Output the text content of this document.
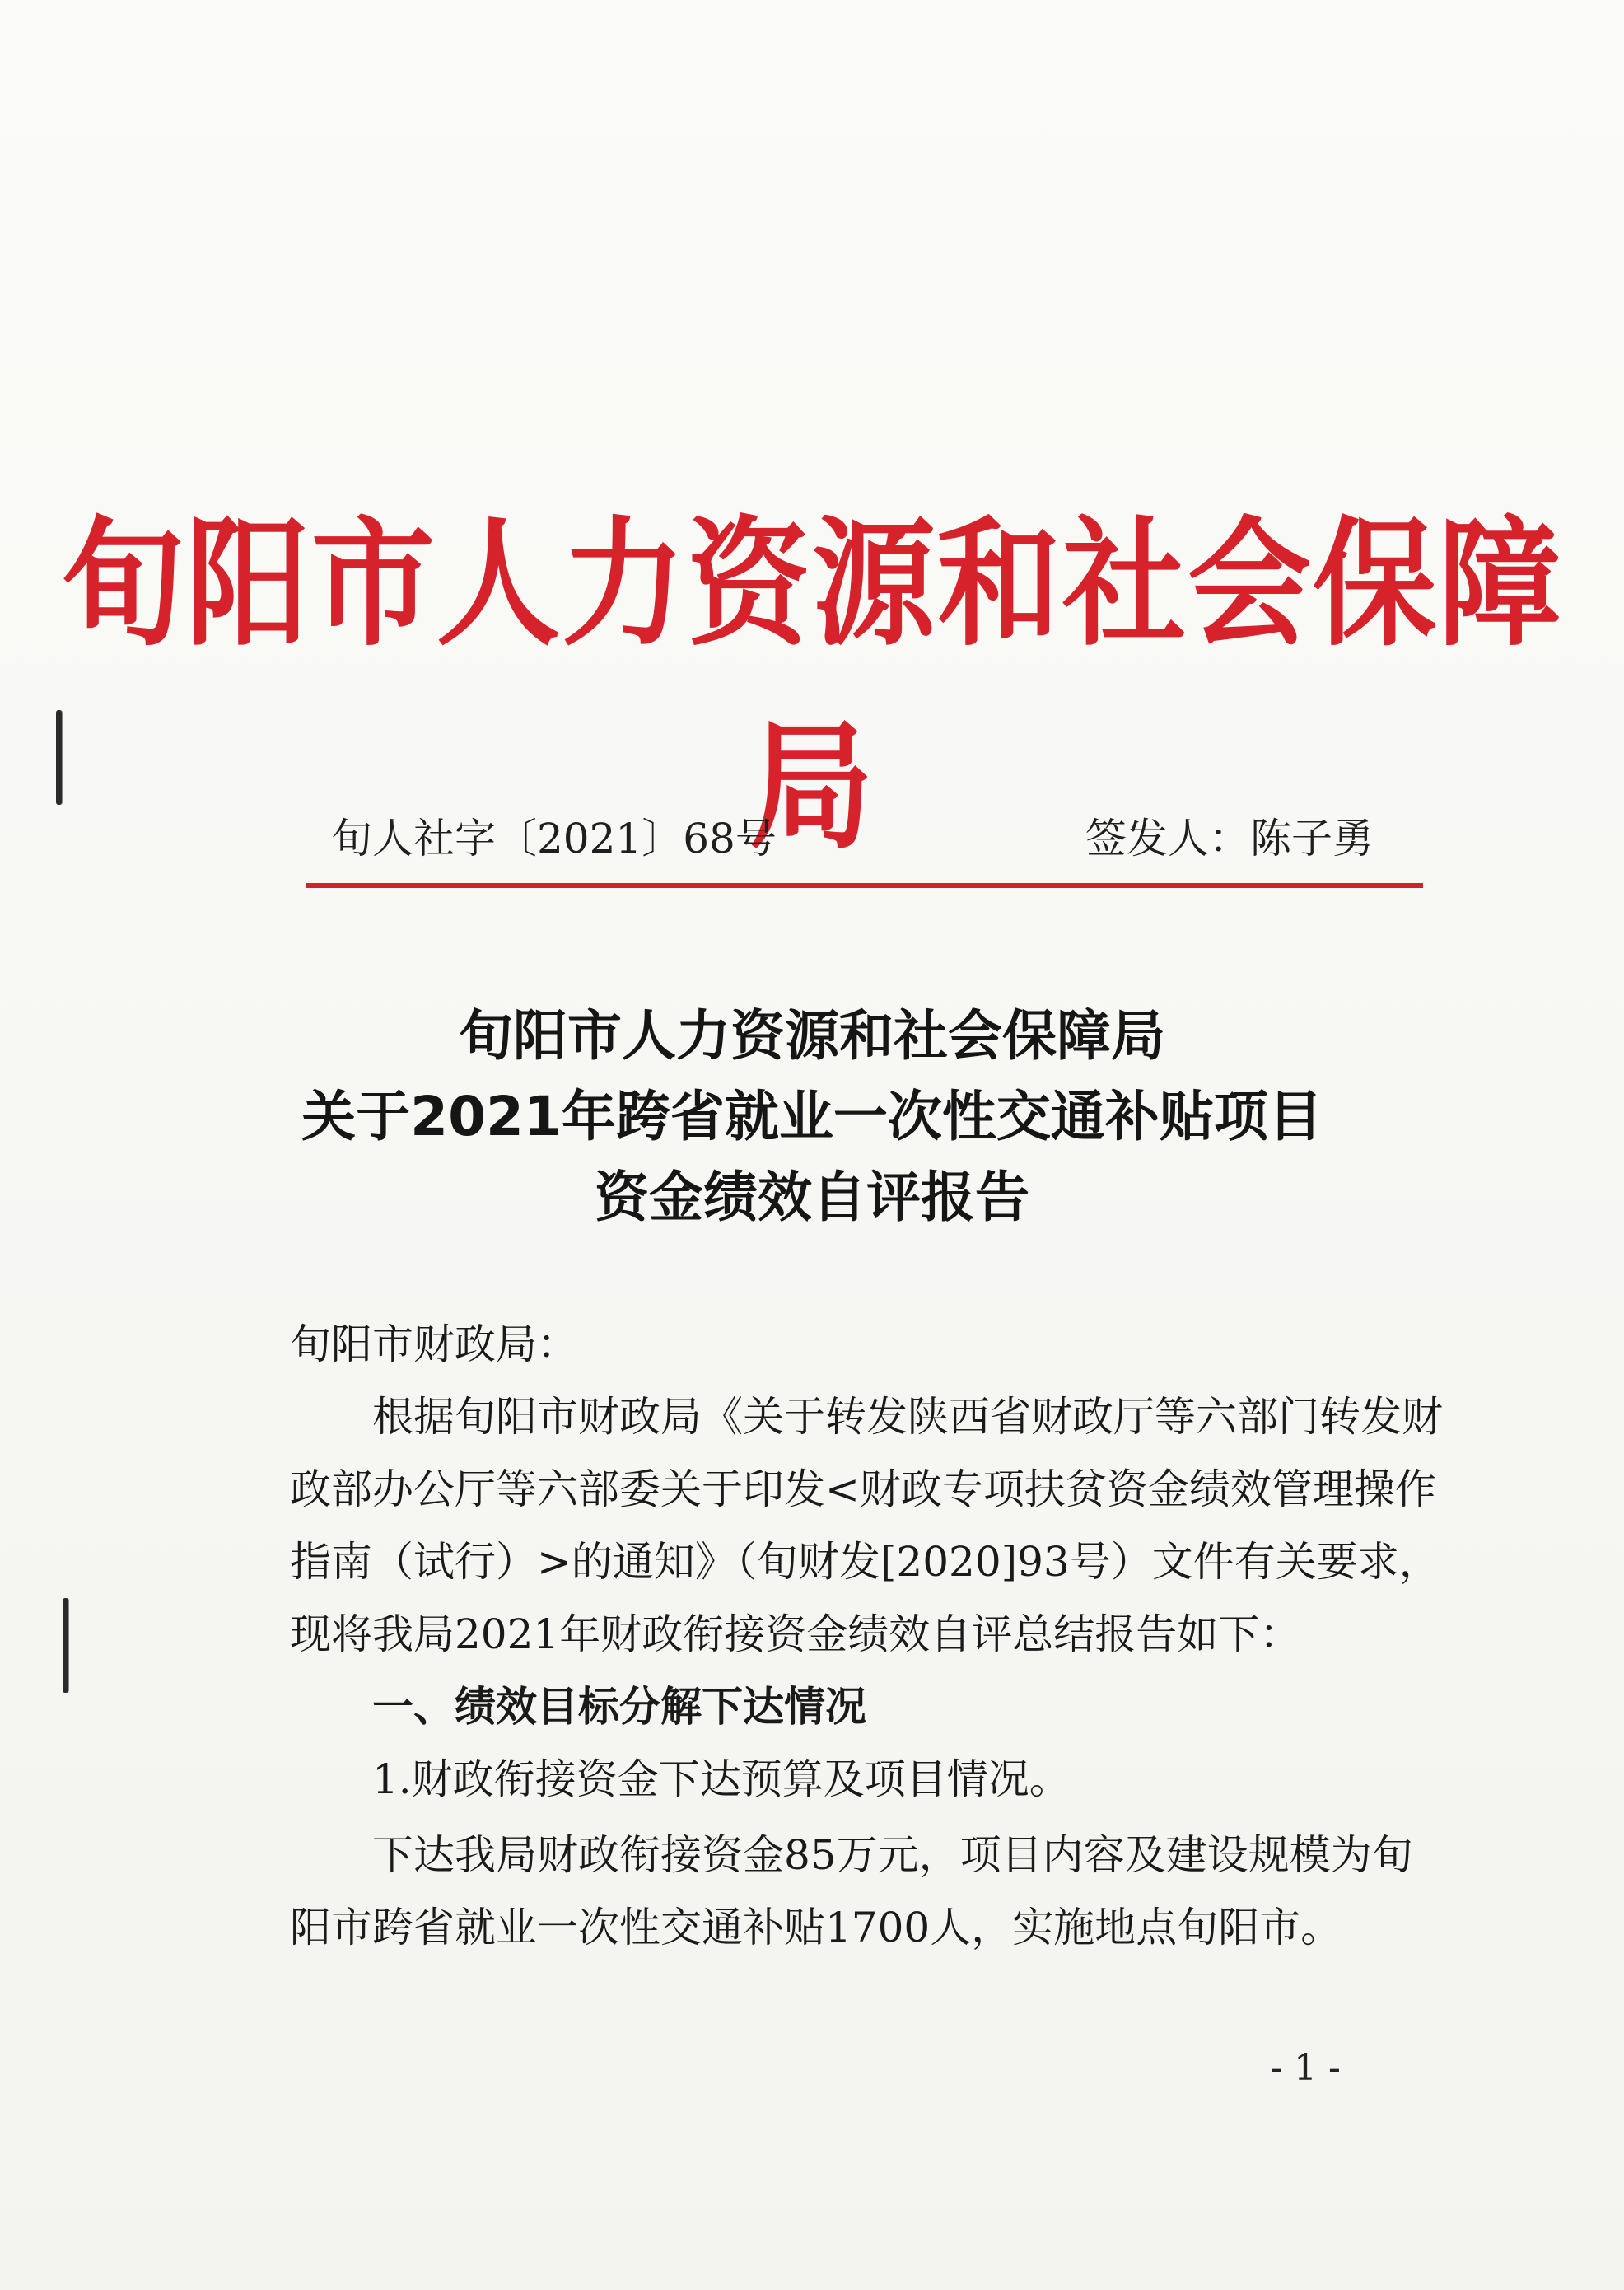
旬阳市人力资源和社会保障局
旬人社字〔2021〕68号	签发人：陈子勇
旬阳市人力资源和社会保障局
关于2021年跨省就业一次性交通补贴项目
资金绩效自评报告
旬阳市财政局：
根据旬阳市财政局《关于转发陕西省财政厅等六部门转发财
政部办公厅等六部委关于印发<财政专项扶贫资金绩效管理操作
指南（试行）>的通知》（旬财发[2020]93号）文件有关要求，
现将我局2021年财政衔接资金绩效自评总结报告如下：
一、绩效目标分解下达情况
1.财政衔接资金下达预算及项目情况。
下达我局财政衔接资金85万元，项目内容及建设规模为旬
阳市跨省就业一次性交通补贴1700人，实施地点旬阳市。
- 1 -
